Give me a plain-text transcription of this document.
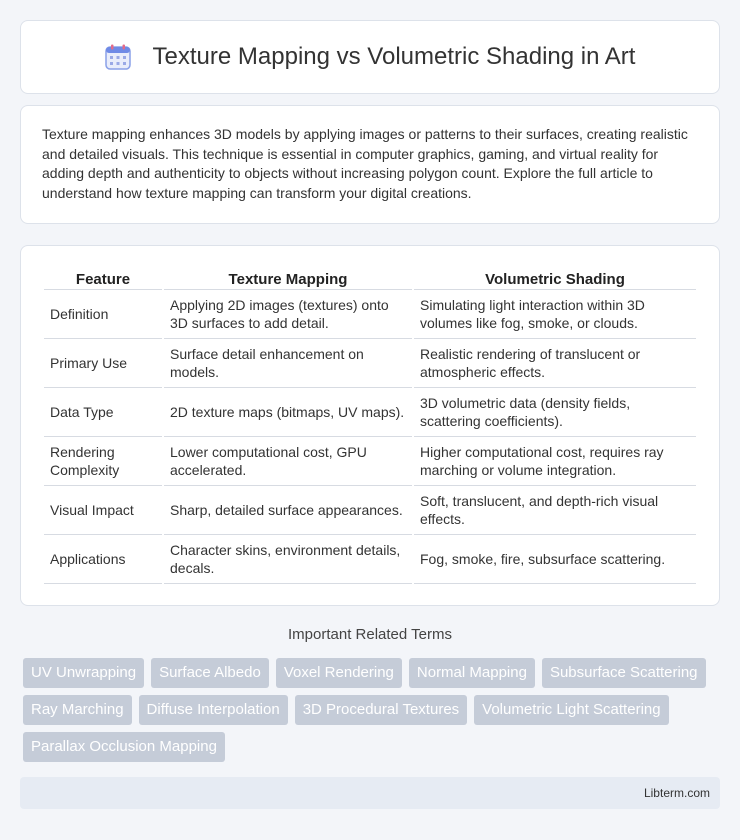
Texture Mapping vs Volumetric Shading in Art

Texture mapping enhances 3D models by applying images or patterns to their surfaces, creating realistic and detailed visuals. This technique is essential in computer graphics, gaming, and virtual reality for adding depth and authenticity to objects without increasing polygon count. Explore the full article to understand how texture mapping can transform your digital creations.

Feature	Texture Mapping	Volumetric Shading
Definition	Applying 2D images (textures) onto 3D surfaces to add detail.	Simulating light interaction within 3D volumes like fog, smoke, or clouds.
Primary Use	Surface detail enhancement on models.	Realistic rendering of translucent or atmospheric effects.
Data Type	2D texture maps (bitmaps, UV maps).	3D volumetric data (density fields, scattering coefficients).
Rendering Complexity	Lower computational cost, GPU accelerated.	Higher computational cost, requires ray marching or volume integration.
Visual Impact	Sharp, detailed surface appearances.	Soft, translucent, and depth-rich visual effects.
Applications	Character skins, environment details, decals.	Fog, smoke, fire, subsurface scattering.
Important Related Terms
UV Unwrapping	Surface Albedo	Voxel Rendering	Normal Mapping	Subsurface Scattering
Ray Marching	Diffuse Interpolation	3D Procedural Textures	Volumetric Light Scattering
Parallax Occlusion Mapping
Libterm.com
